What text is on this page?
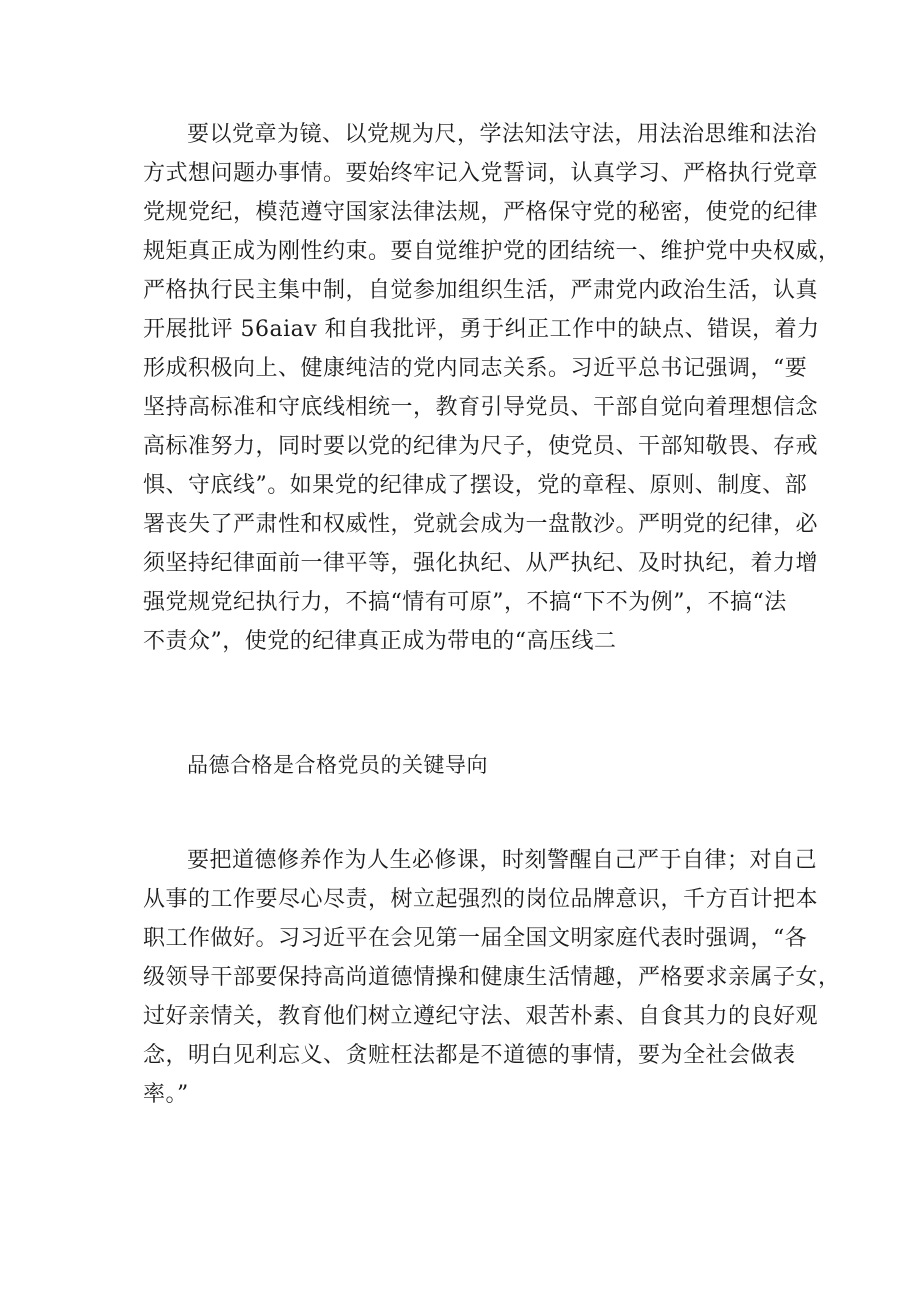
要以党章为镜、以党规为尺，学法知法守法，用法治思维和法治
方式想问题办事情。要始终牢记入党誓词，认真学习、严格执行党章
党规党纪，模范遵守国家法律法规，严格保守党的秘密，使党的纪律
规矩真正成为刚性约束。要自觉维护党的团结统一、维护党中央权威，
严格执行民主集中制，自觉参加组织生活，严肃党内政治生活，认真
开展批评 56aiav 和自我批评，勇于纠正工作中的缺点、错误，着力
形成积极向上、健康纯洁的党内同志关系。习近平总书记强调，“要
坚持高标准和守底线相统一，教育引导党员、干部自觉向着理想信念
高标准努力，同时要以党的纪律为尺子，使党员、干部知敬畏、存戒
惧、守底线”。如果党的纪律成了摆设，党的章程、原则、制度、部
署丧失了严肃性和权威性，党就会成为一盘散沙。严明党的纪律，必
须坚持纪律面前一律平等，强化执纪、从严执纪、及时执纪，着力增
强党规党纪执行力，不搞“情有可原”，不搞“下不为例”，不搞“法
不责众”，使党的纪律真正成为带电的“高压线二
品德合格是合格党员的关键导向
要把道德修养作为人生必修课，时刻警醒自己严于自律；对自己
从事的工作要尽心尽责，树立起强烈的岗位品牌意识，千方百计把本
职工作做好。习习近平在会见第一届全国文明家庭代表时强调，“各
级领导干部要保持高尚道德情操和健康生活情趣，严格要求亲属子女，
过好亲情关，教育他们树立遵纪守法、艰苦朴素、自食其力的良好观
念，明白见利忘义、贪赃枉法都是不道德的事情，要为全社会做表
率。”
